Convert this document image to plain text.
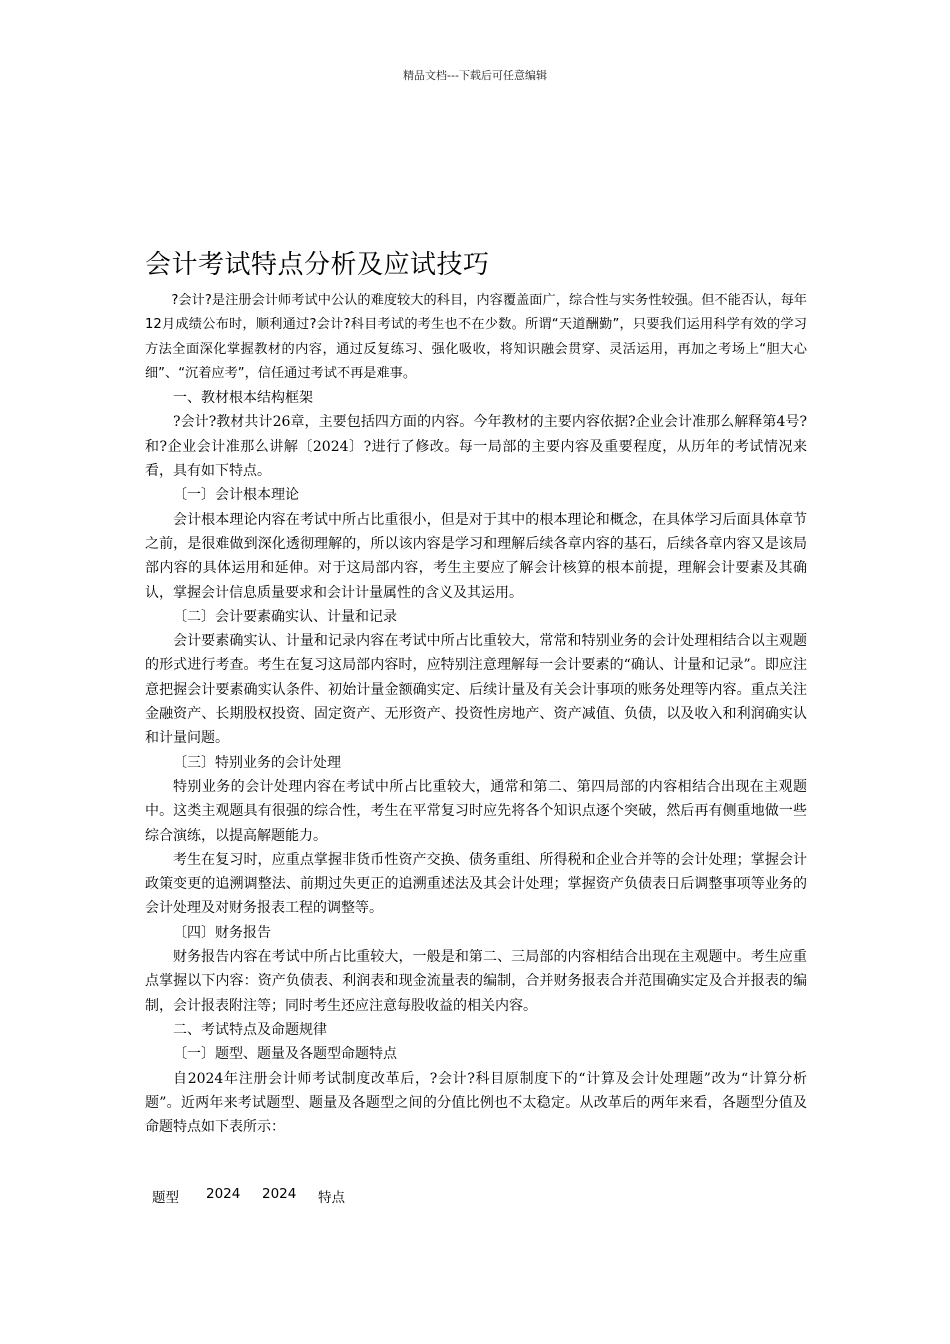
精品文档---下载后可任意编辑
会计考试特点分析及应试技巧

?会计?是注册会计师考试中公认的难度较大的科目，内容覆盖面广，综合性与实务性较强。但不能否认，每年12月成绩公布时，顺利通过?会计?科目考试的考生也不在少数。所谓“天道酬勤”，只要我们运用科学有效的学习方法全面深化掌握教材的内容，通过反复练习、强化吸收，将知识融会贯穿、灵活运用，再加之考场上“胆大心细”、“沉着应考”，信任通过考试不再是难事。

一、教材根本结构框架

?会计?教材共计26章，主要包括四方面的内容。今年教材的主要内容依据?企业会计准那么解释第4号?和?企业会计准那么讲解〔2024〕?进行了修改。每一局部的主要内容及重要程度，从历年的考试情况来看，具有如下特点。

〔一〕会计根本理论

会计根本理论内容在考试中所占比重很小，但是对于其中的根本理论和概念，在具体学习后面具体章节之前，是很难做到深化透彻理解的，所以该内容是学习和理解后续各章内容的基石，后续各章内容又是该局部内容的具体运用和延伸。对于这局部内容，考生主要应了解会计核算的根本前提，理解会计要素及其确认，掌握会计信息质量要求和会计计量属性的含义及其运用。

〔二〕会计要素确实认、计量和记录

会计要素确实认、计量和记录内容在考试中所占比重较大，常常和特别业务的会计处理相结合以主观题的形式进行考查。考生在复习这局部内容时，应特别注意理解每一会计要素的“确认、计量和记录”。即应注意把握会计要素确实认条件、初始计量金额确实定、后续计量及有关会计事项的账务处理等内容。重点关注金融资产、长期股权投资、固定资产、无形资产、投资性房地产、资产减值、负债，以及收入和利润确实认和计量问题。

〔三〕特别业务的会计处理

特别业务的会计处理内容在考试中所占比重较大，通常和第二、第四局部的内容相结合出现在主观题中。这类主观题具有很强的综合性，考生在平常复习时应先将各个知识点逐个突破，然后再有侧重地做一些综合演练，以提高解题能力。

考生在复习时，应重点掌握非货币性资产交换、债务重组、所得税和企业合并等的会计处理；掌握会计政策变更的追溯调整法、前期过失更正的追溯重述法及其会计处理；掌握资产负债表日后调整事项等业务的会计处理及对财务报表工程的调整等。

〔四〕财务报告

财务报告内容在考试中所占比重较大，一般是和第二、三局部的内容相结合出现在主观题中。考生应重点掌握以下内容：资产负债表、利润表和现金流量表的编制，合并财务报表合并范围确实定及合并报表的编制，会计报表附注等；同时考生还应注意每股收益的相关内容。

二、考试特点及命题规律

〔一〕题型、题量及各题型命题特点

自2024年注册会计师考试制度改革后，?会计?科目原制度下的“计算及会计处理题”改为“计算分析题”。近两年来考试题型、题量及各题型之间的分值比例也不太稳定。从改革后的两年来看，各题型分值及命题特点如下表所示：

题型	2024	2024	特点
